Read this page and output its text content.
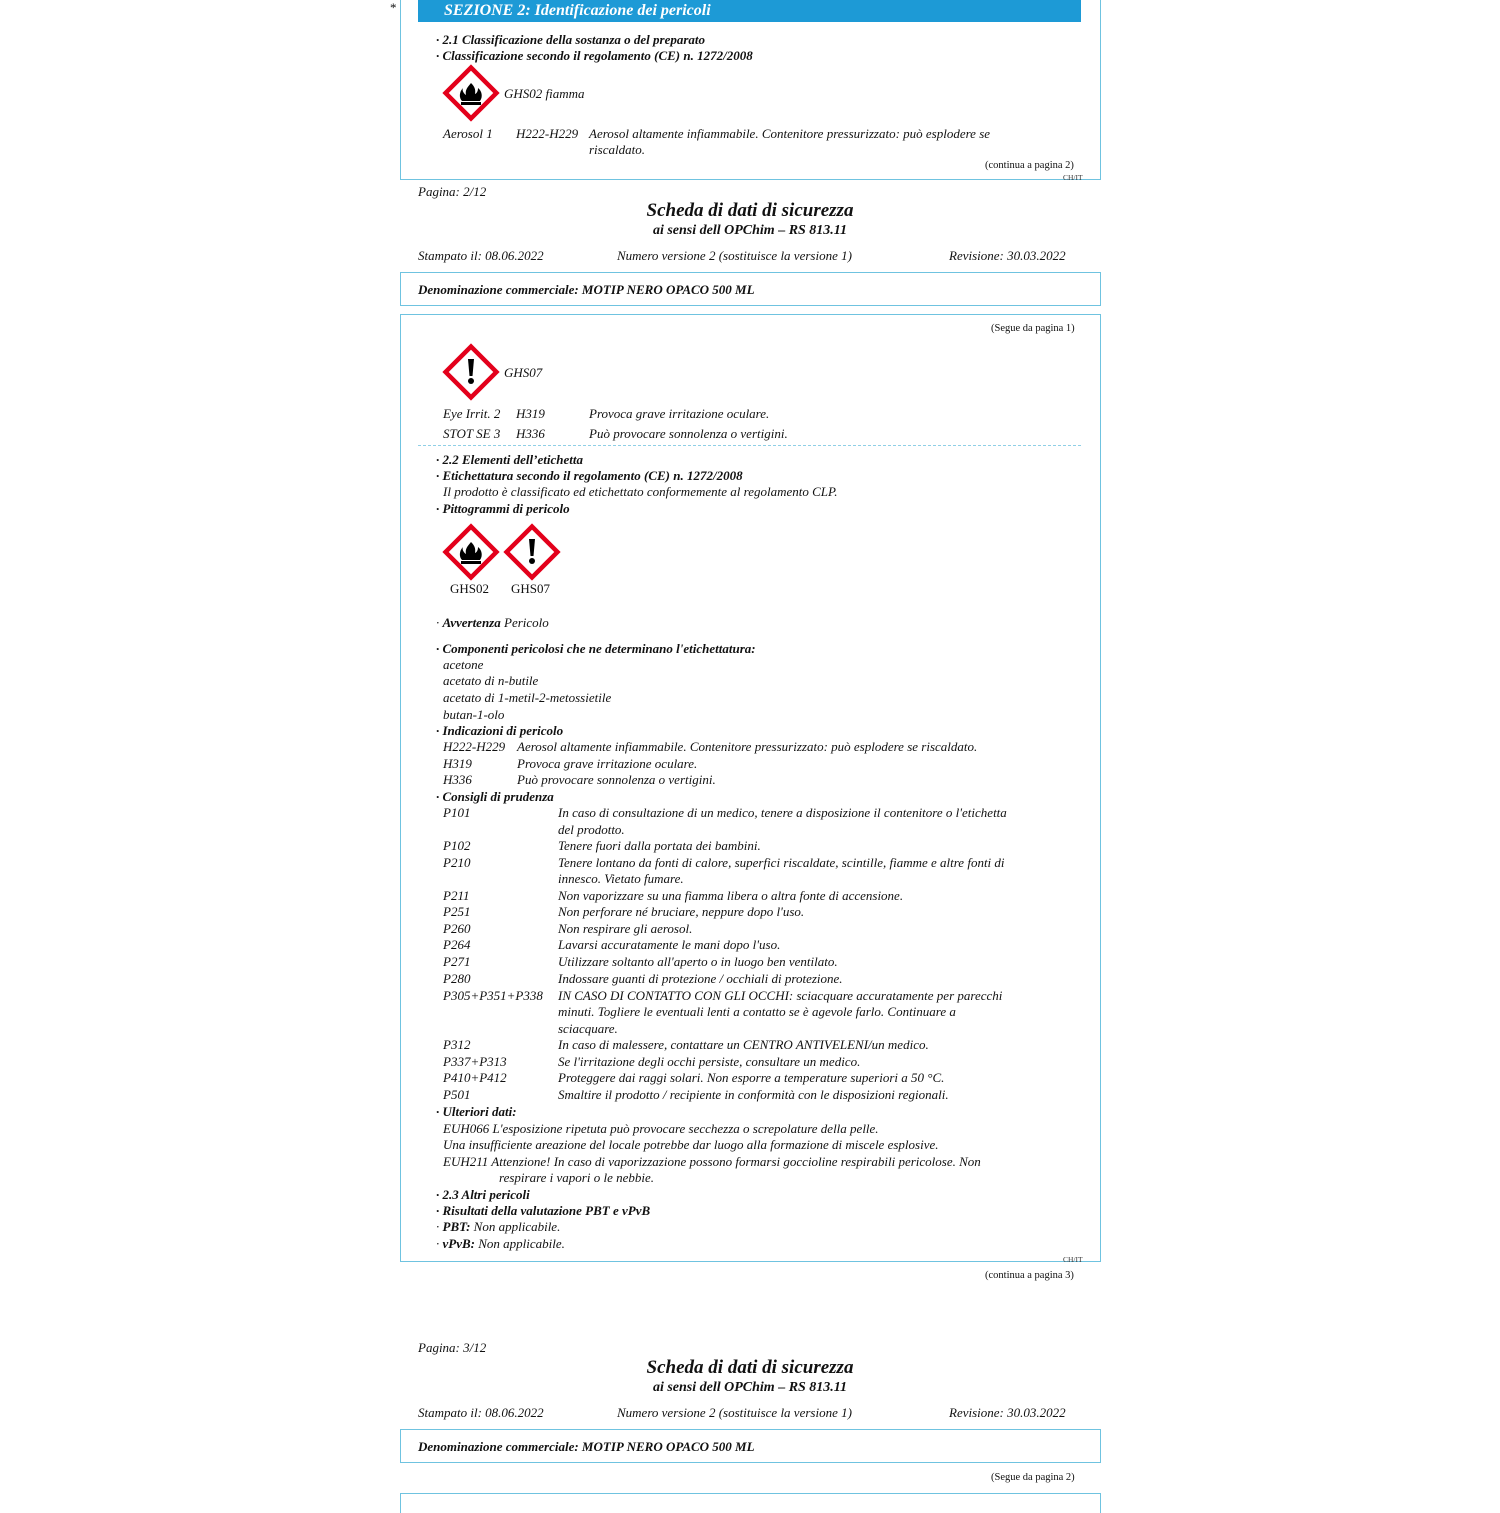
*	SEZIONE 2: Identificazione dei pericoli
· 2.1 Classificazione della sostanza o del preparato
· Classificazione secondo il regolamento (CE) n. 1272/2008
GHS02 fiamma
Aerosol 1 H222-H229 Aerosol altamente infiammabile. Contenitore pressurizzato: può esplodere se
riscaldato.
(continua a pagina 2)
CH/IT
Pagina: 2/12
Scheda di dati di sicurezza
ai sensi dell OPChim – RS 813.11
Stampato il: 08.06.2022	Numero versione 2 (sostituisce la versione 1)	Revisione: 30.03.2022
Denominazione commerciale: MOTIP NERO OPACO 500 ML
(Segue da pagina 1)
GHS07
Eye Irrit. 2 H319	Provoca grave irritazione oculare.
STOT SE 3 H336	Può provocare sonnolenza o vertigini.
· 2.2 Elementi dell’etichetta
· Etichettatura secondo il regolamento (CE) n. 1272/2008
Il prodotto è classificato ed etichettato conformemente al regolamento CLP.
· Pittogrammi di pericolo
GHS02 GHS07
· Avvertenza Pericolo
· Componenti pericolosi che ne determinano l'etichettatura:
acetone
acetato di n-butile
acetato di 1-metil-2-metossietile
butan-1-olo
· Indicazioni di pericolo
H222-H229 Aerosol altamente infiammabile. Contenitore pressurizzato: può esplodere se riscaldato.
H319	Provoca grave irritazione oculare.
H336	Può provocare sonnolenza o vertigini.
· Consigli di prudenza
P101	In caso di consultazione di un medico, tenere a disposizione il contenitore o l'etichetta
del prodotto.
P102	Tenere fuori dalla portata dei bambini.
P210	Tenere lontano da fonti di calore, superfici riscaldate, scintille, fiamme e altre fonti di
innesco. Vietato fumare.
P211	Non vaporizzare su una fiamma libera o altra fonte di accensione.
P251	Non perforare né bruciare, neppure dopo l'uso.
P260	Non respirare gli aerosol.
P264	Lavarsi accuratamente le mani dopo l'uso.
P271	Utilizzare soltanto all'aperto o in luogo ben ventilato.
P280	Indossare guanti di protezione / occhiali di protezione.
P305+P351+P338 IN CASO DI CONTATTO CON GLI OCCHI: sciacquare accuratamente per parecchi
minuti. Togliere le eventuali lenti a contatto se è agevole farlo. Continuare a
sciacquare.
P312	In caso di malessere, contattare un CENTRO ANTIVELENI/un medico.
P337+P313	Se l'irritazione degli occhi persiste, consultare un medico.
P410+P412	Proteggere dai raggi solari. Non esporre a temperature superiori a 50 °C.
P501	Smaltire il prodotto / recipiente in conformità con le disposizioni regionali.
· Ulteriori dati:
EUH066 L'esposizione ripetuta può provocare secchezza o screpolature della pelle.
Una insufficiente areazione del locale potrebbe dar luogo alla formazione di miscele esplosive.
EUH211 Attenzione! In caso di vaporizzazione possono formarsi goccioline respirabili pericolose. Non
respirare i vapori o le nebbie.
· 2.3 Altri pericoli
· Risultati della valutazione PBT e vPvB
· PBT: Non applicabile.
· vPvB: Non applicabile.
CH/IT
(continua a pagina 3)
Pagina: 3/12
Scheda di dati di sicurezza
ai sensi dell OPChim – RS 813.11
Stampato il: 08.06.2022	Numero versione 2 (sostituisce la versione 1)	Revisione: 30.03.2022
Denominazione commerciale: MOTIP NERO OPACO 500 ML
(Segue da pagina 2)
